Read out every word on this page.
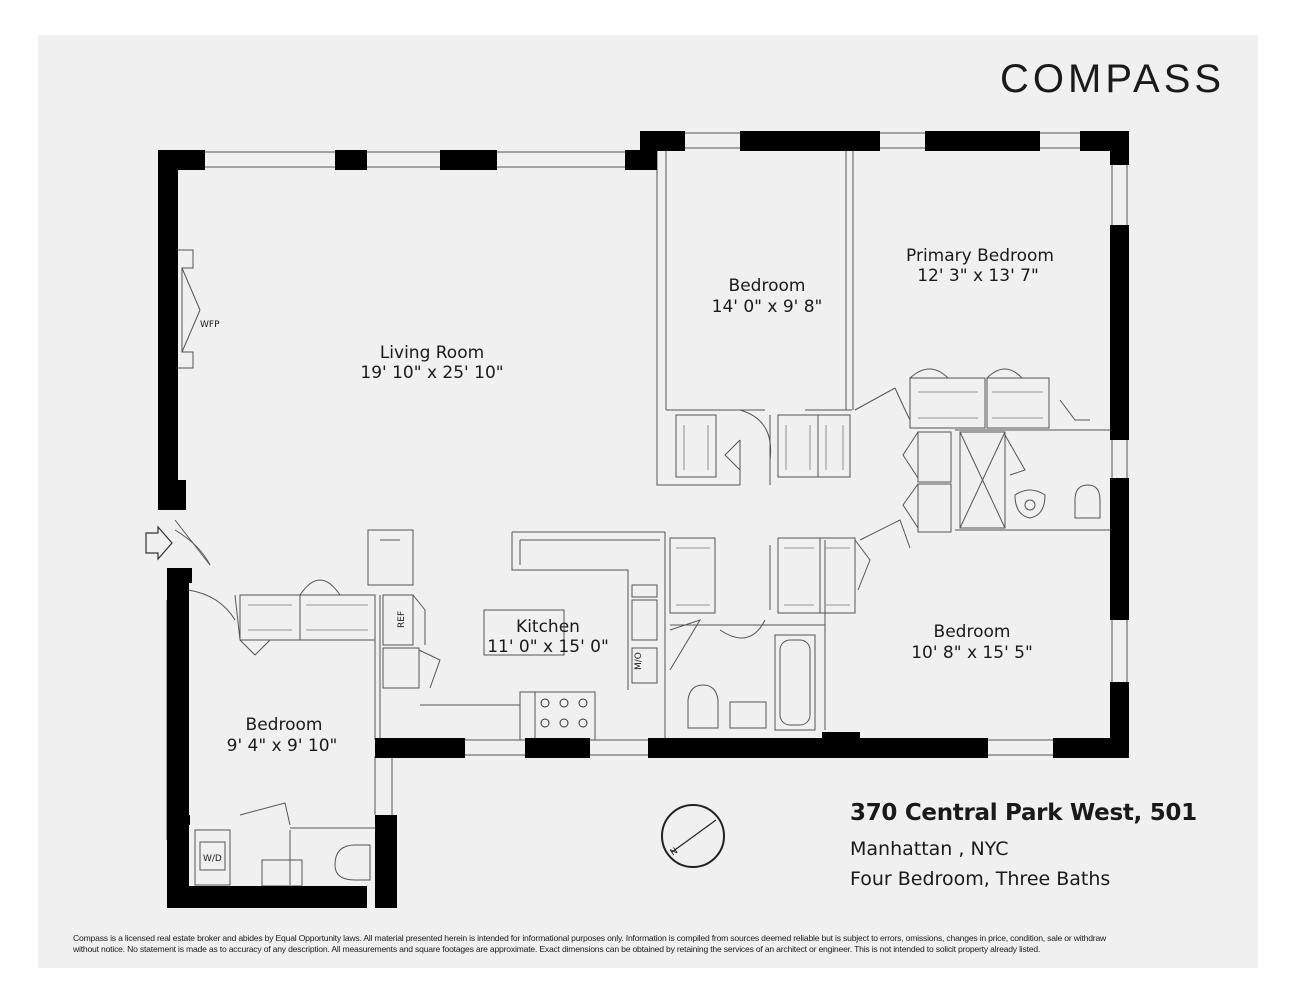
Living Room
19' 10" x 25' 10"
Bedroom
14' 0" x 9' 8"
Primary Bedroom
12' 3" x 13' 7"
Kitchen
11' 0" x 15' 0"
Bedroom
10' 8" x 15' 5"
Bedroom
9' 4" x 9' 10"
WFP
REF
M/O
W/D
N
COMPASS
370 Central Park West, 501
Manhattan , NYC
Four Bedroom, Three Baths
Compass is a licensed real estate broker and abides by Equal Opportunity laws. All material presented herein is intended for informational purposes only. Information is compiled from sources deemed reliable but is subject to errors, omissions, changes in price, condition, sale or withdraw
without notice. No statement is made as to accuracy of any description. All measurements and square footages are approximate. Exact dimensions can be obtained by retaining the services of an architect or engineer. This is not intended to solicit property already listed.
